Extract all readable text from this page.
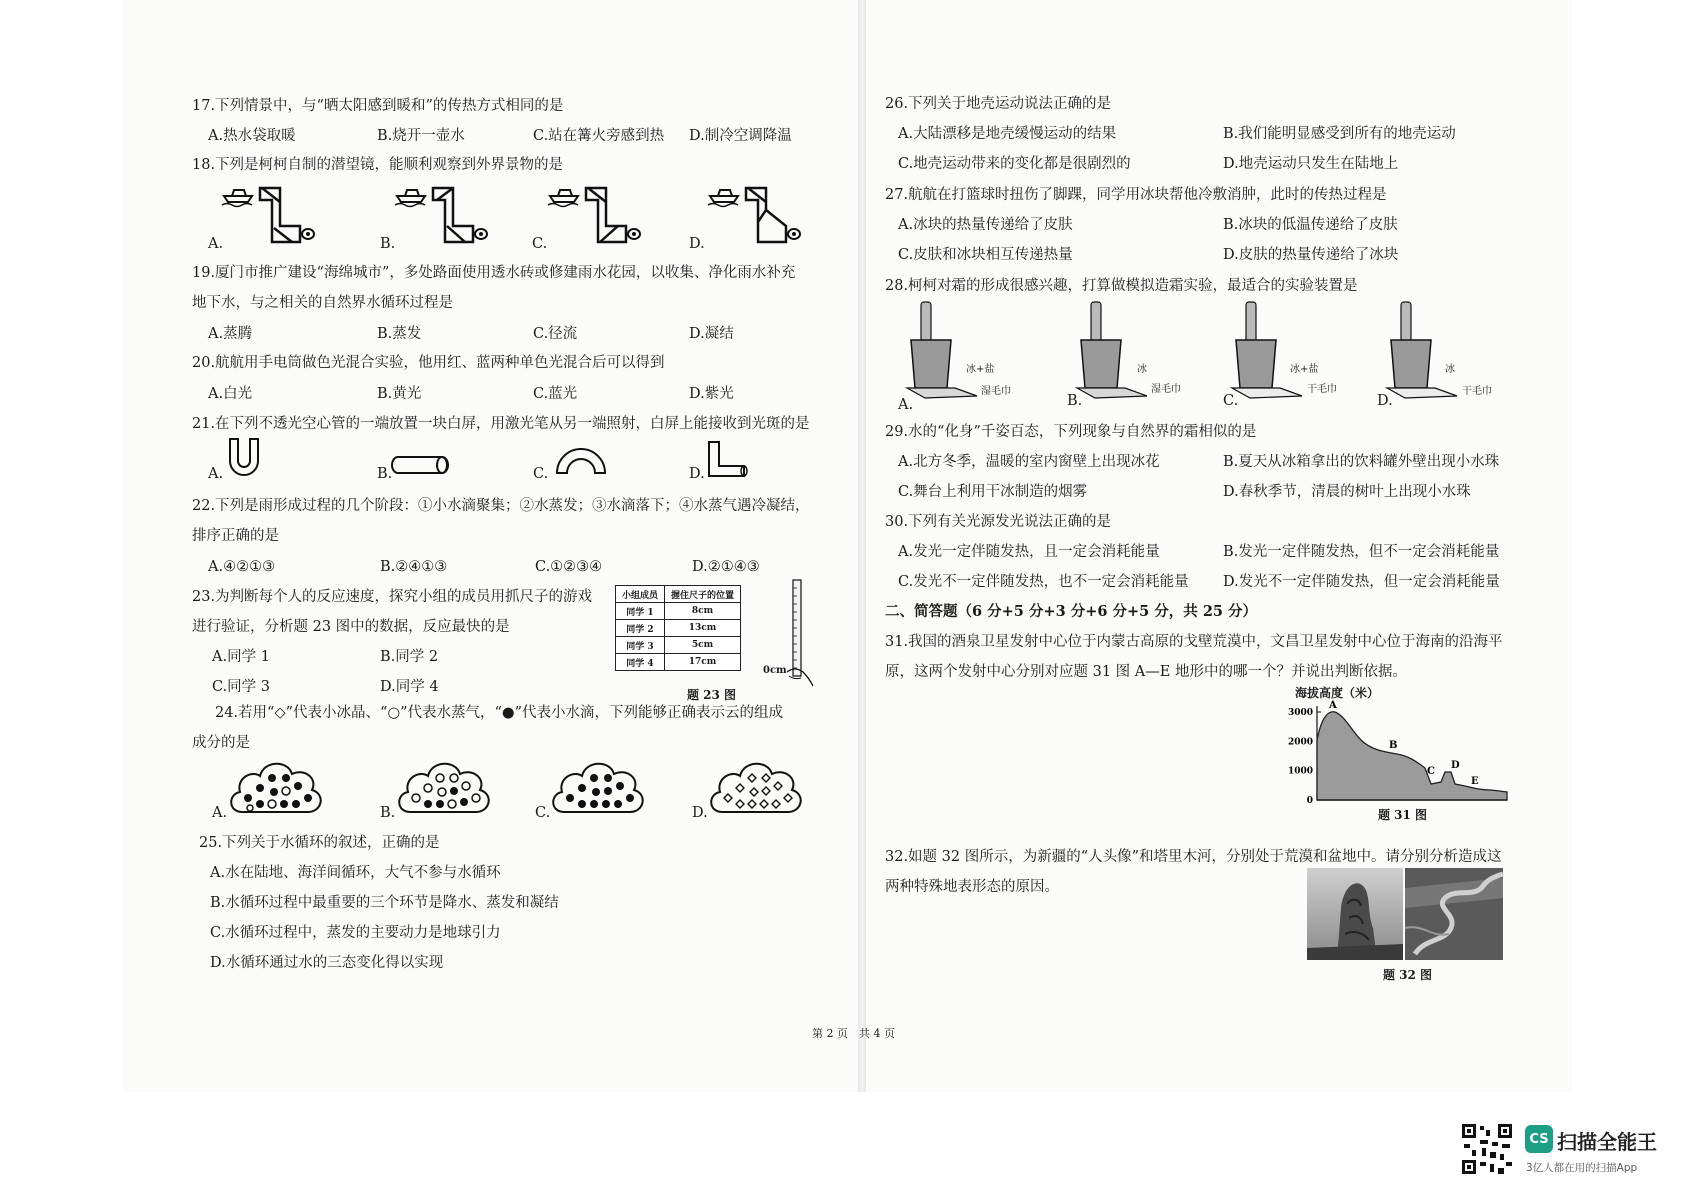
17.下列情景中，与“晒太阳感到暖和”的传热方式相同的是
A.热水袋取暖	B.烧开一壶水	C.站在篝火旁感到热 D.制冷空调降温
18.下列是柯柯自制的潜望镜，能顺利观察到外界景物的是
A.	B.	C.	D.
19.厦门市推广建设“海绵城市”，多处路面使用透水砖或修建雨水花园，以收集、净化雨水补充
地下水，与之相关的自然界水循环过程是
A.蒸腾	B.蒸发	C.径流	D.凝结
20.航航用手电筒做色光混合实验，他用红、蓝两种单色光混合后可以得到
A.白光	B.黄光	C.蓝光	D.紫光
21.在下列不透光空心管的一端放置一块白屏，用激光笔从另一端照射，白屏上能接收到光斑的是
A.	B.	C.	D.
22.下列是雨形成过程的几个阶段：①小水滴聚集；②水蒸发；③水滴落下；④水蒸气遇冷凝结，
排序正确的是
A.④②①③	B.②④①③	C.①②③④	D.②①④③
23.为判断每个人的反应速度，探究小组的成员用抓尺子的游戏
进行验证，分析题 23 图中的数据，反应最快的是
A.同学 1	B.同学 2
C.同学 3	D.同学 4
小组成员	握住尺子的位置
同学 1	8cm
同学 2	13cm
同学 3	5cm
同学 4	17cm
0cm
题 23 图
24.若用“◇”代表小冰晶、“○”代表水蒸气，“●”代表小水滴，下列能够正确表示云的组成
成分的是
A.	B.	C.	D.
25.下列关于水循环的叙述，正确的是
A.水在陆地、海洋间循环，大气不参与水循环
B.水循环过程中最重要的三个环节是降水、蒸发和凝结
C.水循环过程中，蒸发的主要动力是地球引力
D.水循环通过水的三态变化得以实现
第 2 页　共 4 页
26.下列关于地壳运动说法正确的是
A.大陆漂移是地壳缓慢运动的结果	B.我们能明显感受到所有的地壳运动
C.地壳运动带来的变化都是很剧烈的	D.地壳运动只发生在陆地上
27.航航在打篮球时扭伤了脚踝，同学用冰块帮他冷敷消肿，此时的传热过程是
A.冰块的热量传递给了皮肤	B.冰块的低温传递给了皮肤
C.皮肤和冰块相互传递热量	D.皮肤的热量传递给了冰块
28.柯柯对霜的形成很感兴趣，打算做模拟造霜实验，最适合的实验装置是
A.	B.	C.	D.
冰+盐
湿毛巾
冰
湿毛巾
冰+盐
干毛巾
冰
干毛巾
29.水的“化身”千姿百态，下列现象与自然界的霜相似的是
A.北方冬季，温暖的室内窗壁上出现冰花	B.夏天从冰箱拿出的饮料罐外壁出现小水珠
C.舞台上利用干冰制造的烟雾	D.春秋季节，清晨的树叶上出现小水珠
30.下列有关光源发光说法正确的是
A.发光一定伴随发热，且一定会消耗能量	B.发光一定伴随发热，但不一定会消耗能量
C.发光不一定伴随发热，也不一定会消耗能量 D.发光不一定伴随发热，但一定会消耗能量
二、简答题（6 分+5 分+3 分+6 分+5 分，共 25 分）
31.我国的酒泉卫星发射中心位于内蒙古高原的戈壁荒漠中，文昌卫星发射中心位于海南的沿海平
原，这两个发射中心分别对应题 31 图 A—E 地形中的哪一个？并说出判断依据。
海拔高度（米）
0
1000
2000
3000
A
B
C
D
E
题 31 图
32.如题 32 图所示，为新疆的“人头像”和塔里木河，分别处于荒漠和盆地中。请分别分析造成这
两种特殊地表形态的原因。
题 32 图
CS 扫描全能王
3亿人都在用的扫描App
